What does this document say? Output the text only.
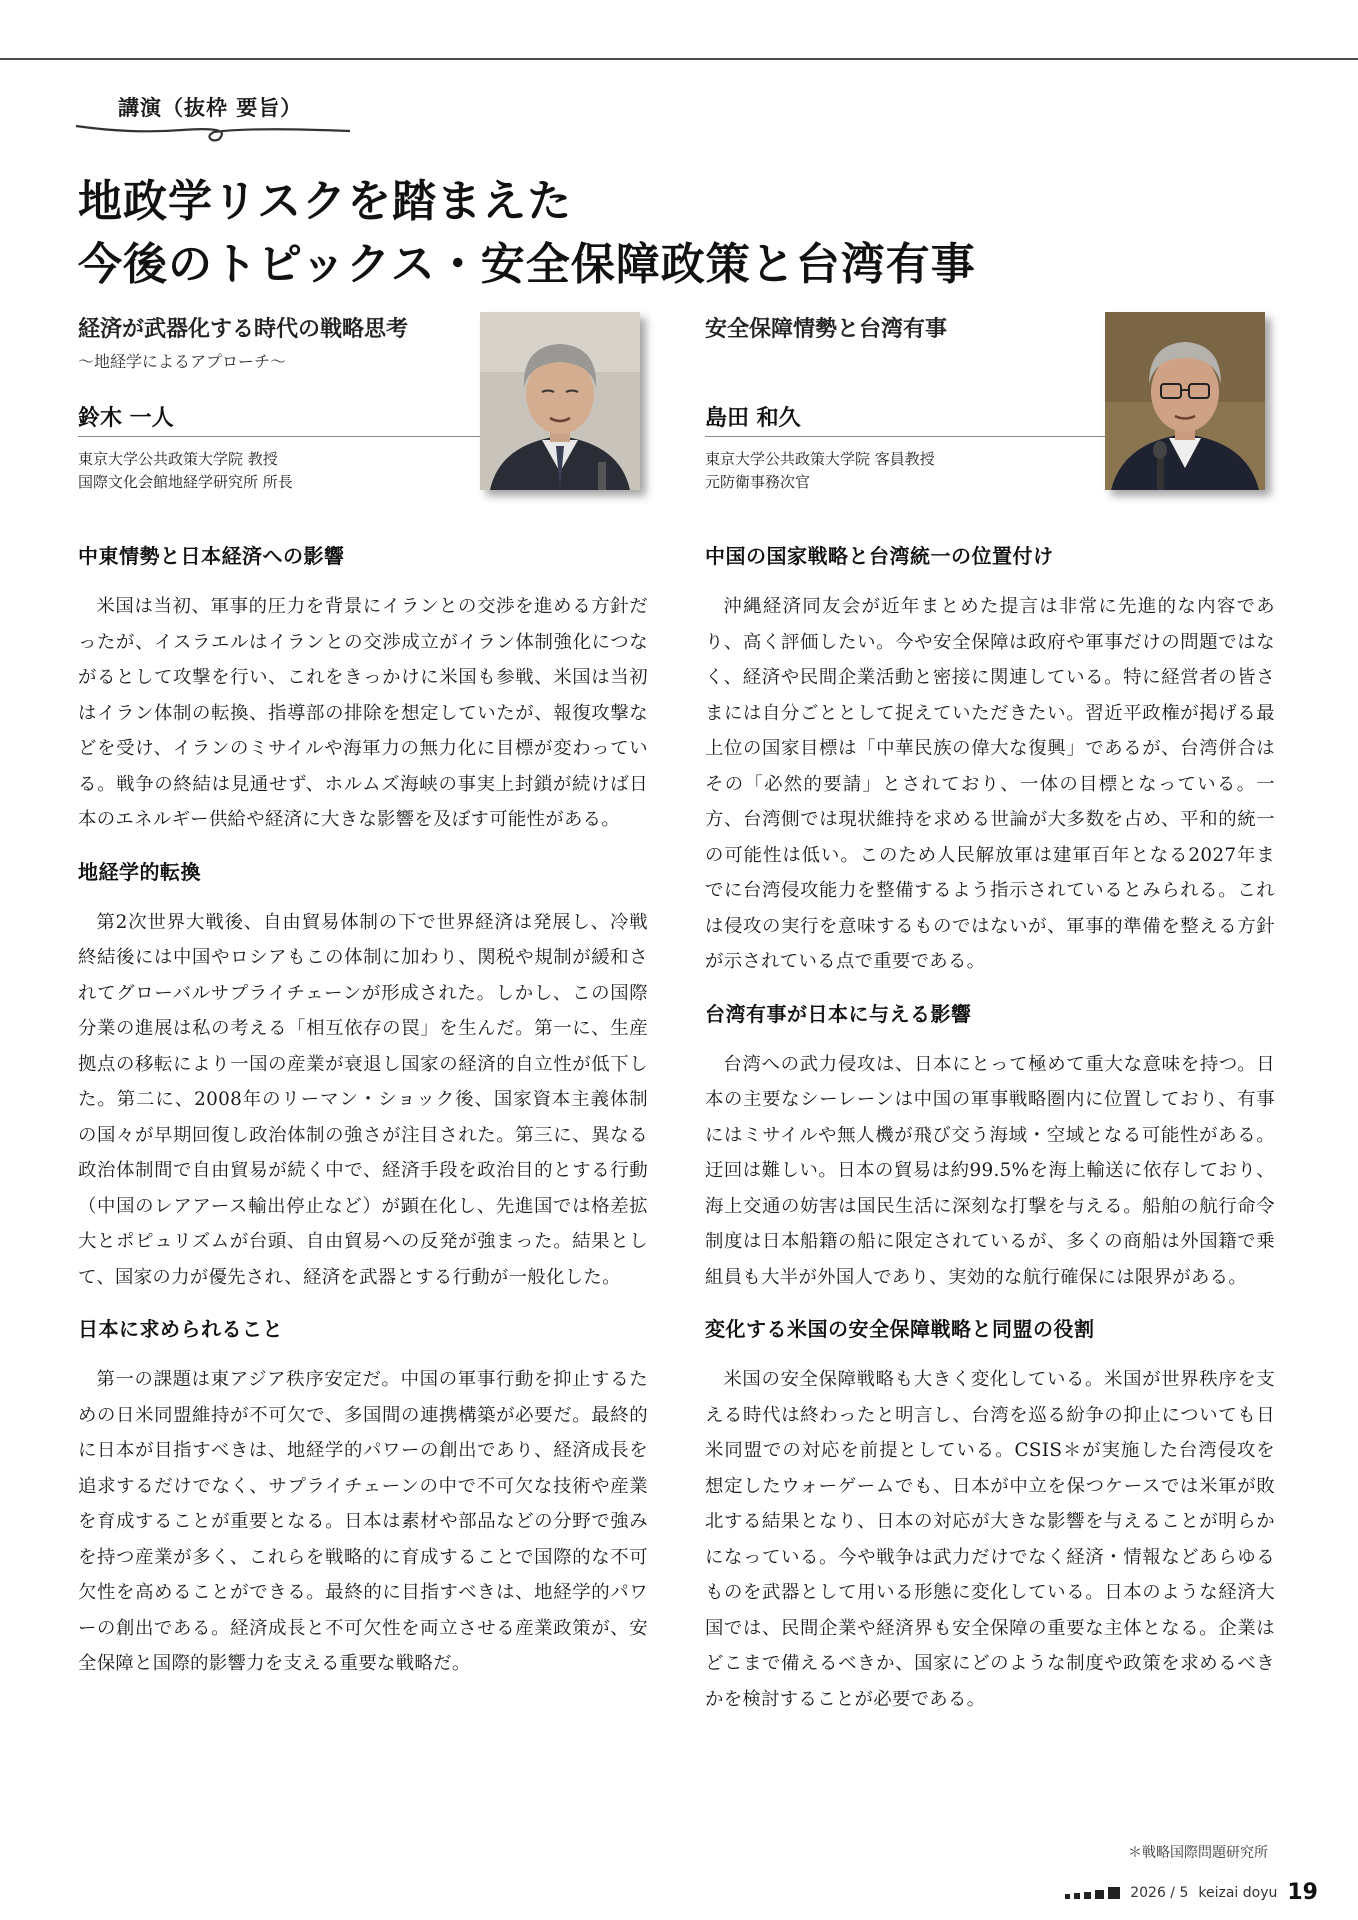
講演（抜枠 要旨）
地政学リスクを踏まえた
今後のトピックス・安全保障政策と台湾有事
経済が武器化する時代の戦略思考
～地経学によるアプローチ～
鈴木 一人
東京大学公共政策大学院 教授
国際文化会館地経学研究所 所長
安全保障情勢と台湾有事
島田 和久
東京大学公共政策大学院 客員教授
元防衛事務次官
中東情勢と日本経済への影響

米国は当初、軍事的圧力を背景にイランとの交渉を進める方針だったが、イスラエルはイランとの交渉成立がイラン体制強化につながるとして攻撃を行い、これをきっかけに米国も参戦、米国は当初はイラン体制の転換、指導部の排除を想定していたが、報復攻撃などを受け、イランのミサイルや海軍力の無力化に目標が変わっている。戦争の終結は見通せず、ホルムズ海峡の事実上封鎖が続けば日本のエネルギー供給や経済に大きな影響を及ぼす可能性がある。

地経学的転換

第2次世界大戦後、自由貿易体制の下で世界経済は発展し、冷戦終結後には中国やロシアもこの体制に加わり、関税や規制が緩和されてグローバルサプライチェーンが形成された。しかし、この国際分業の進展は私の考える「相互依存の罠」を生んだ。第一に、生産拠点の移転により一国の産業が衰退し国家の経済的自立性が低下した。第二に、2008年のリーマン・ショック後、国家資本主義体制の国々が早期回復し政治体制の強さが注目された。第三に、異なる政治体制間で自由貿易が続く中で、経済手段を政治目的とする行動（中国のレアアース輸出停止など）が顕在化し、先進国では格差拡大とポピュリズムが台頭、自由貿易への反発が強まった。結果として、国家の力が優先され、経済を武器とする行動が一般化した。

日本に求められること

第一の課題は東アジア秩序安定だ。中国の軍事行動を抑止するための日米同盟維持が不可欠で、多国間の連携構築が必要だ。最終的に日本が目指すべきは、地経学的パワーの創出であり、経済成長を追求するだけでなく、サプライチェーンの中で不可欠な技術や産業を育成することが重要となる。日本は素材や部品などの分野で強みを持つ産業が多く、これらを戦略的に育成することで国際的な不可欠性を高めることができる。最終的に目指すべきは、地経学的パワーの創出である。経済成長と不可欠性を両立させる産業政策が、安全保障と国際的影響力を支える重要な戦略だ。

中国の国家戦略と台湾統一の位置付け

沖縄経済同友会が近年まとめた提言は非常に先進的な内容であり、高く評価したい。今や安全保障は政府や軍事だけの問題ではなく、経済や民間企業活動と密接に関連している。特に経営者の皆さまには自分ごととして捉えていただきたい。習近平政権が掲げる最上位の国家目標は「中華民族の偉大な復興」であるが、台湾併合はその「必然的要請」とされており、一体の目標となっている。一方、台湾側では現状維持を求める世論が大多数を占め、平和的統一の可能性は低い。このため人民解放軍は建軍百年となる2027年までに台湾侵攻能力を整備するよう指示されているとみられる。これは侵攻の実行を意味するものではないが、軍事的準備を整える方針が示されている点で重要である。

台湾有事が日本に与える影響

台湾への武力侵攻は、日本にとって極めて重大な意味を持つ。日本の主要なシーレーンは中国の軍事戦略圏内に位置しており、有事にはミサイルや無人機が飛び交う海域・空域となる可能性がある。迂回は難しい。日本の貿易は約99.5%を海上輸送に依存しており、海上交通の妨害は国民生活に深刻な打撃を与える。船舶の航行命令制度は日本船籍の船に限定されているが、多くの商船は外国籍で乗組員も大半が外国人であり、実効的な航行確保には限界がある。

変化する米国の安全保障戦略と同盟の役割

米国の安全保障戦略も大きく変化している。米国が世界秩序を支える時代は終わったと明言し、台湾を巡る紛争の抑止についても日米同盟での対応を前提としている。CSIS＊が実施した台湾侵攻を想定したウォーゲームでも、日本が中立を保つケースでは米軍が敗北する結果となり、日本の対応が大きな影響を与えることが明らかになっている。今や戦争は武力だけでなく経済・情報などあらゆるものを武器として用いる形態に変化している。日本のような経済大国では、民間企業や経済界も安全保障の重要な主体となる。企業はどこまで備えるべきか、国家にどのような制度や政策を求めるべきかを検討することが必要である。

＊戦略国際問題研究所
2026 / 5 keizai doyu 19
